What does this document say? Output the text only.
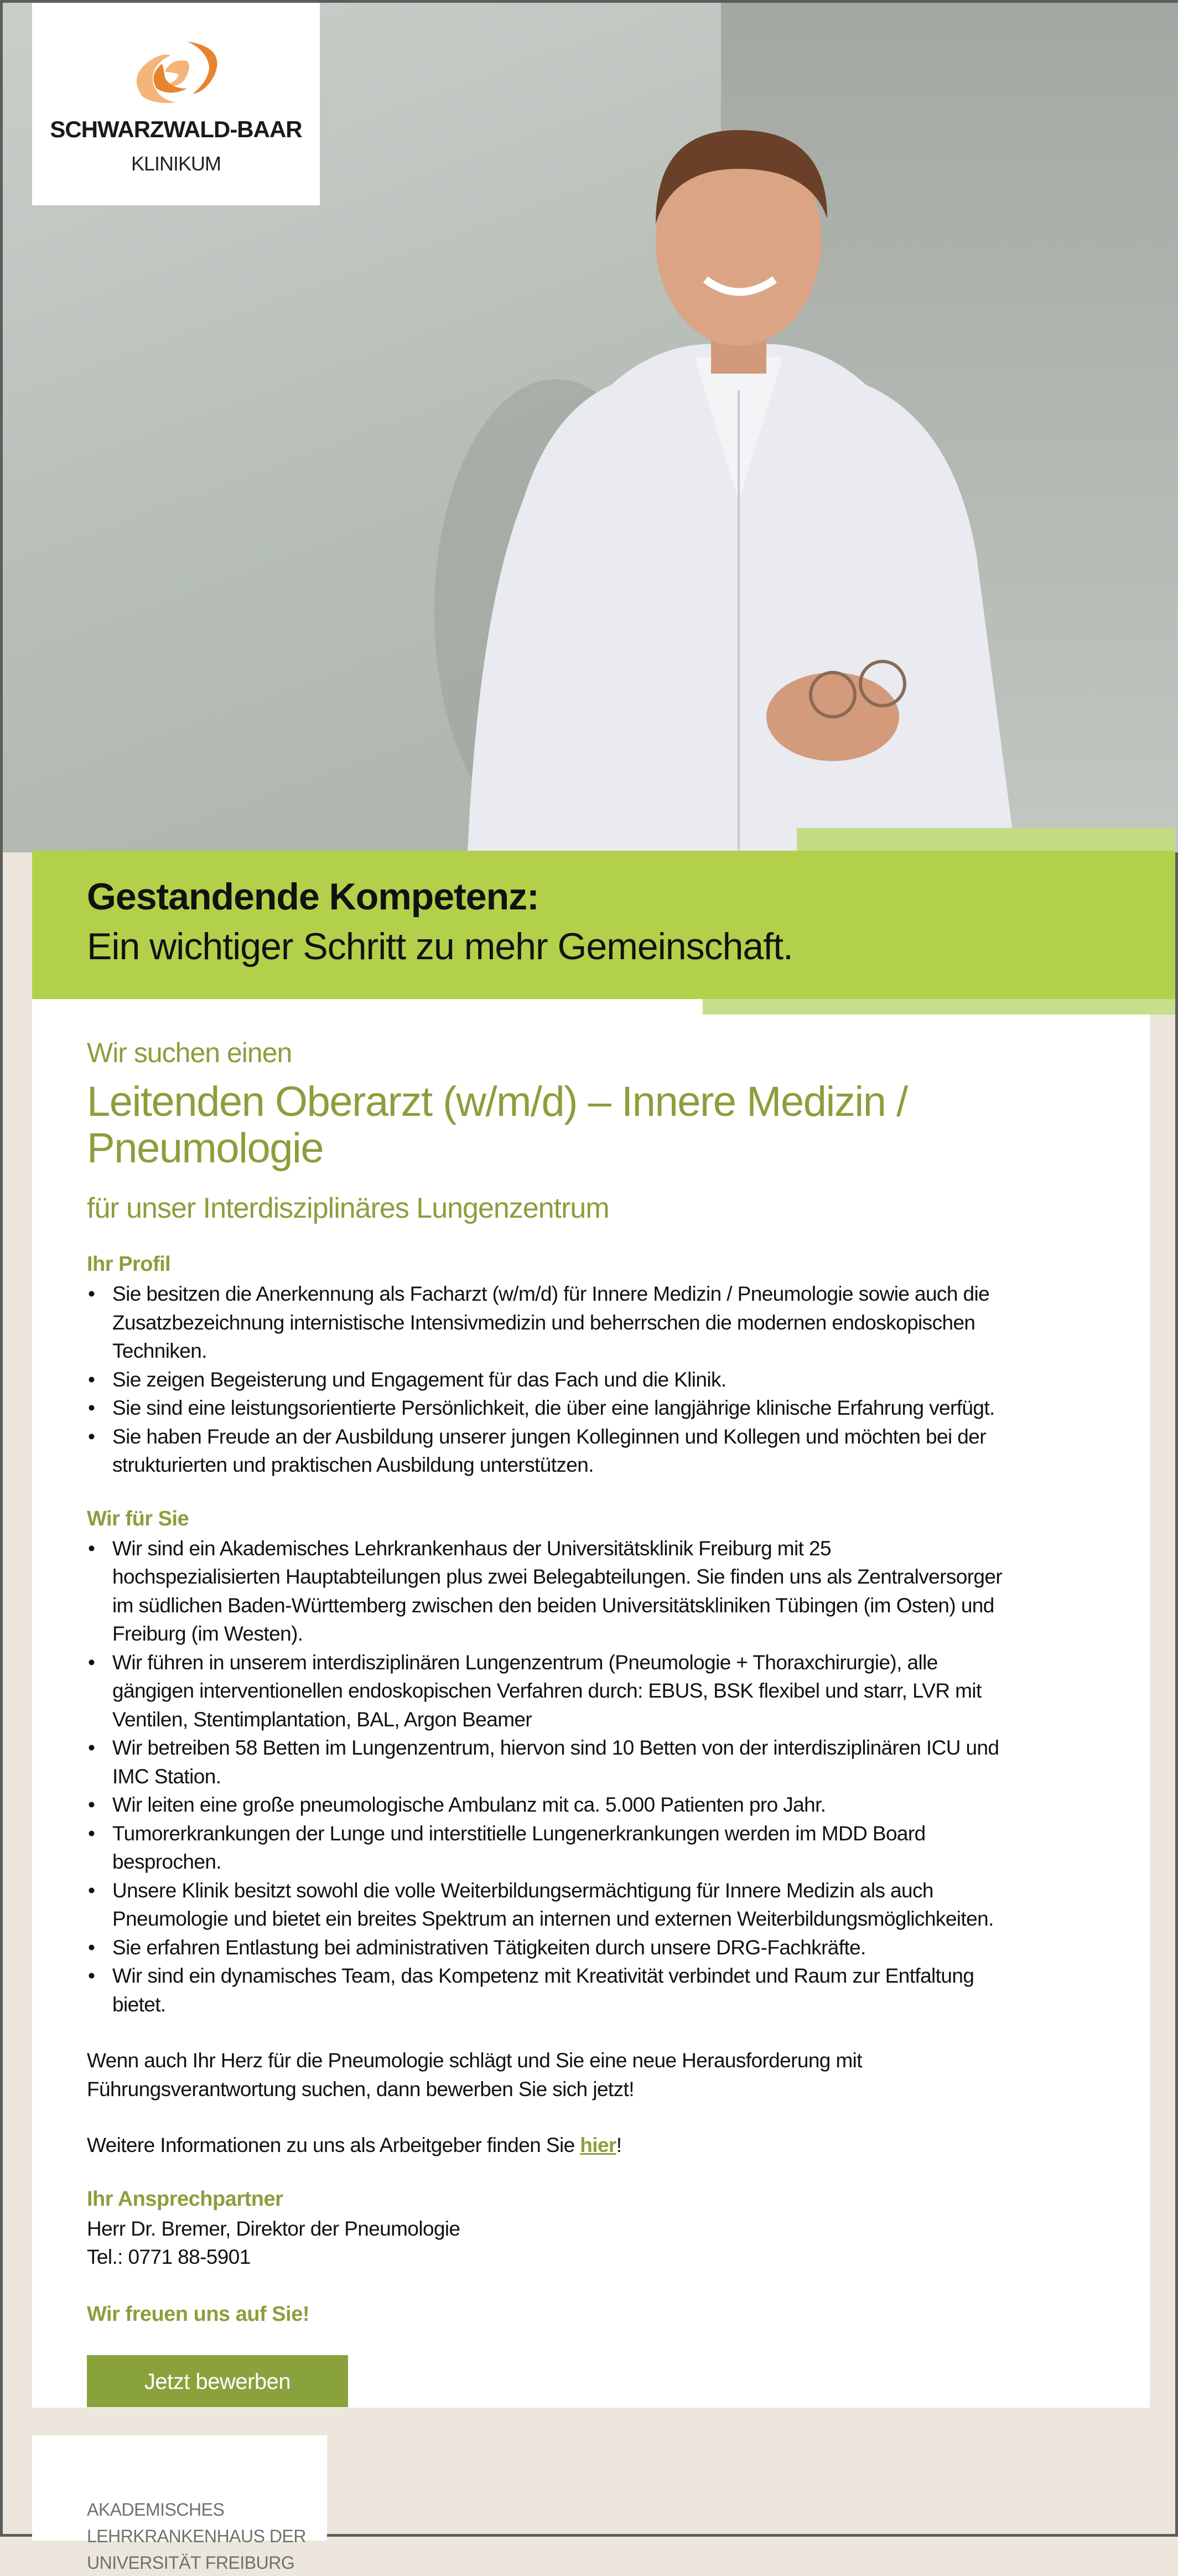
SCHWARZWALD-BAAR
KLINIKUM
Gestandende Kompetenz:
Ein wichtiger Schritt zu mehr Gemeinschaft.

Wir suchen einen

Leitenden Oberarzt (w/m/d) – Innere Medizin / Pneumologie

für unser Interdisziplinäres Lungenzentrum

Ihr Profil
• Sie besitzen die Anerkennung als Facharzt (w/m/d) für Innere Medizin / Pneumologie sowie auch die
Zusatzbezeichnung internistische Intensivmedizin und beherrschen die modernen endoskopischen
Techniken.
• Sie zeigen Begeisterung und Engagement für das Fach und die Klinik.
• Sie sind eine leistungsorientierte Persönlichkeit, die über eine langjährige klinische Erfahrung verfügt.
• Sie haben Freude an der Ausbildung unserer jungen Kolleginnen und Kollegen und möchten bei der
strukturierten und praktischen Ausbildung unterstützen.
Wir für Sie
• Wir sind ein Akademisches Lehrkrankenhaus der Universitätsklinik Freiburg mit 25
hochspezialisierten Hauptabteilungen plus zwei Belegabteilungen. Sie finden uns als Zentralversorger
im südlichen Baden-Württemberg zwischen den beiden Universitätskliniken Tübingen (im Osten) und
Freiburg (im Westen).
• Wir führen in unserem interdisziplinären Lungenzentrum (Pneumologie + Thoraxchirurgie), alle
gängigen interventionellen endoskopischen Verfahren durch: EBUS, BSK flexibel und starr, LVR mit
Ventilen, Stentimplantation, BAL, Argon Beamer
• Wir betreiben 58 Betten im Lungenzentrum, hiervon sind 10 Betten von der interdisziplinären ICU und
IMC Station.
• Wir leiten eine große pneumologische Ambulanz mit ca. 5.000 Patienten pro Jahr.
• Tumorerkrankungen der Lunge und interstitielle Lungenerkrankungen werden im MDD Board
besprochen.
• Unsere Klinik besitzt sowohl die volle Weiterbildungsermächtigung für Innere Medizin als auch
Pneumologie und bietet ein breites Spektrum an internen und externen Weiterbildungsmöglichkeiten.
• Sie erfahren Entlastung bei administrativen Tätigkeiten durch unsere DRG-Fachkräfte.
• Wir sind ein dynamisches Team, das Kompetenz mit Kreativität verbindet und Raum zur Entfaltung
bietet.

Wenn auch Ihr Herz für die Pneumologie schlägt und Sie eine neue Herausforderung mit
Führungsverantwortung suchen, dann bewerben Sie sich jetzt!

Weitere Informationen zu uns als Arbeitgeber finden Sie hier!

Ihr Ansprechpartner

Herr Dr. Bremer, Direktor der Pneumologie

Tel.: 0771 88-5901

Wir freuen uns auf Sie!
Jetzt bewerben

AKADEMISCHES
LEHRKRANKENHAUS DER
UNIVERSITÄT FREIBURG
